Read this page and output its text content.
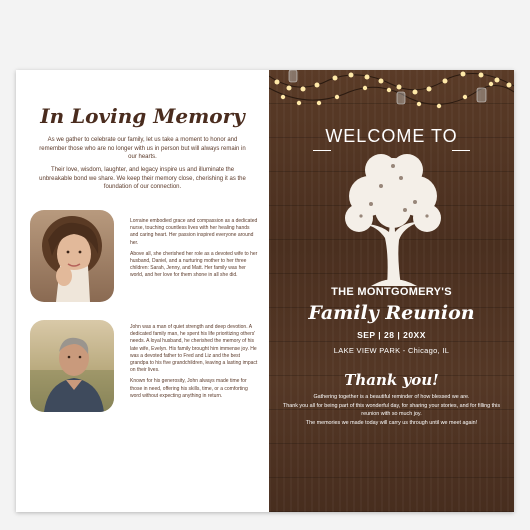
In Loving Memory
As we gather to celebrate our family, let us take a moment to honor and remember those who are no longer with us in person but will always remain in our hearts.
Their love, wisdom, laughter, and legacy inspire us and illuminate the unbreakable bond we share. We keep their memory close, cherishing it as the foundation of our connection.

Lorraine embodied grace and compassion as a dedicated nurse, touching countless lives with her healing hands and caring heart. Her passion inspired everyone around her.

Above all, she cherished her role as a devoted wife to her husband, Daniel, and a nurturing mother to her three children: Sarah, Jenny, and Matt. Her family was her world, and her love for them shone in all she did.

John was a man of quiet strength and deep devotion. A dedicated family man, he spent his life prioritizing others' needs. A loyal husband, he cherished the memory of his late wife, Evelyn. His family brought him immense joy. He was a devoted father to Fred and Liz and the best grandpa to his five grandchildren, leaving a lasting impact on their lives.

Known for his generosity, John always made time for those in need, offering his skills, time, or a comforting word without expecting anything in return.

WELCOME TO
THE MONTGOMERY'S
Family Reunion
SEP | 28 | 20XX
LAKE VIEW PARK - Chicago, IL
Thank you!
Gathering together is a beautiful reminder of how blessed we are.
Thank you all for being part of this wonderful day, for sharing your stories, and for filling this reunion with so much joy.
The memories we made today will carry us through until we meet again!
